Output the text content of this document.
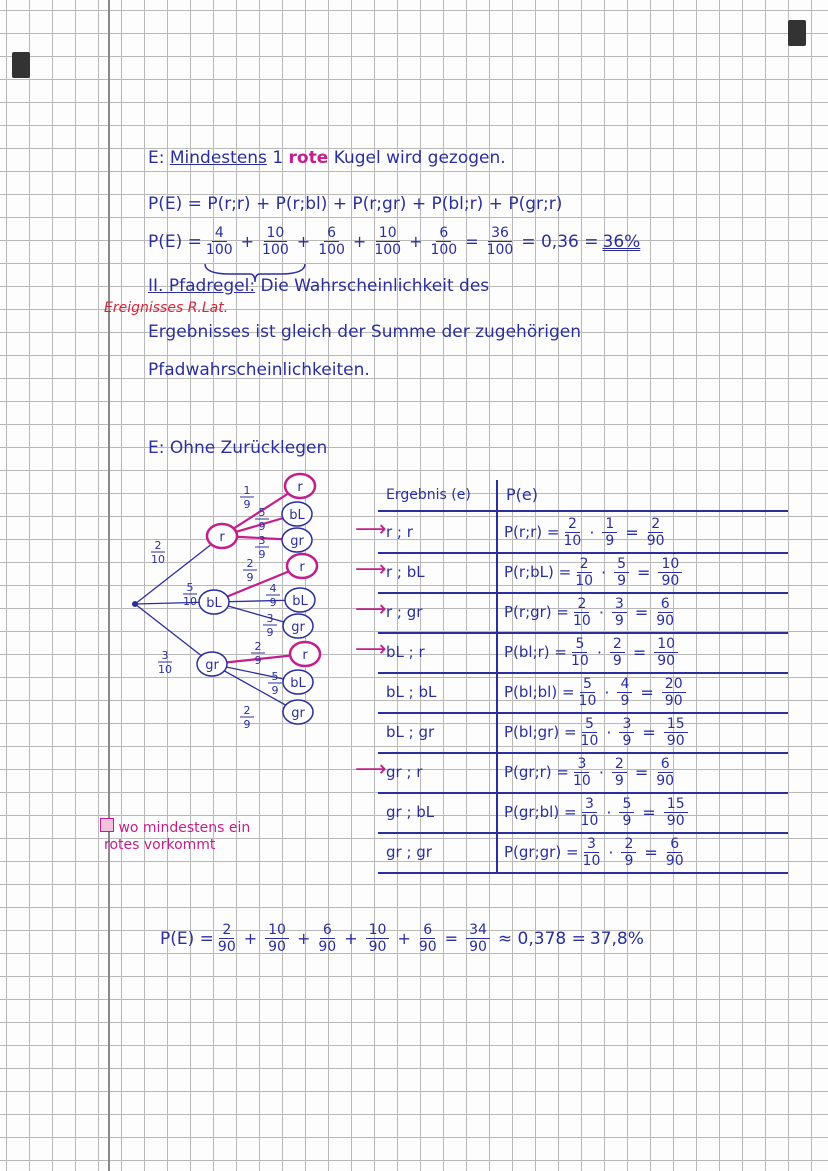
E: Mindestens 1 rote Kugel wird gezogen.
P(E) = P(r;r) + P(r;bl) + P(r;gr) + P(bl;r) + P(gr;r)
$P(E) = \frac{4}{100} + \frac{10}{100} + \frac{6}{100} + \frac{10}{100} + \frac{6}{100} = \frac{36}{100} = 0,36 = 36\%$
II. Pfadregel: Die Wahrscheinlichkeit des
Ereignisses R.Lat.
Ergebnisses ist gleich der Summe der zugehörigen
Pfadwahrscheinlichkeiten.
E: Ohne Zurücklegen
2
10
1
9
5
9
3
9
5
10
2
9
4
9
3
9
3
10
2
9
5
9
2
9
r
bL
gr
r
r
bL
gr
bL
r
bL
gr
gr
Ergebnis (e)	P(e)
⟶ r ; r	P(r;r) = $\frac{2}{10} \cdot \frac{1}{9} = \frac{2}{90}$
⟶ r ; bL	P(r;bL) = $\frac{2}{10} \cdot \frac{5}{9} = \frac{10}{90}$
⟶ r ; gr	P(r;gr) = $\frac{2}{10} \cdot \frac{3}{9} = \frac{6}{90}$
⟶ bL ; r	P(bl;r) = $\frac{5}{10} \cdot \frac{2}{9} = \frac{10}{90}$
bL ; bL	P(bl;bl) = $\frac{5}{10} \cdot \frac{4}{9} = \frac{20}{90}$
bL ; gr	P(bl;gr) = $\frac{5}{10} \cdot \frac{3}{9} = \frac{15}{90}$
⟶ gr ; r	P(gr;r) = $\frac{3}{10} \cdot \frac{2}{9} = \frac{6}{90}$
gr ; bL	P(gr;bl) = $\frac{3}{10} \cdot \frac{5}{9} = \frac{15}{90}$
gr ; gr	P(gr;gr) = $\frac{3}{10} \cdot \frac{2}{9} = \frac{6}{90}$
wo mindestens ein
rotes vorkommt
$P(E) = \frac{2}{90} + \frac{10}{90} + \frac{6}{90} + \frac{10}{90} + \frac{6}{90} = \frac{34}{90} \approx 0,378 = 37,8\%$
